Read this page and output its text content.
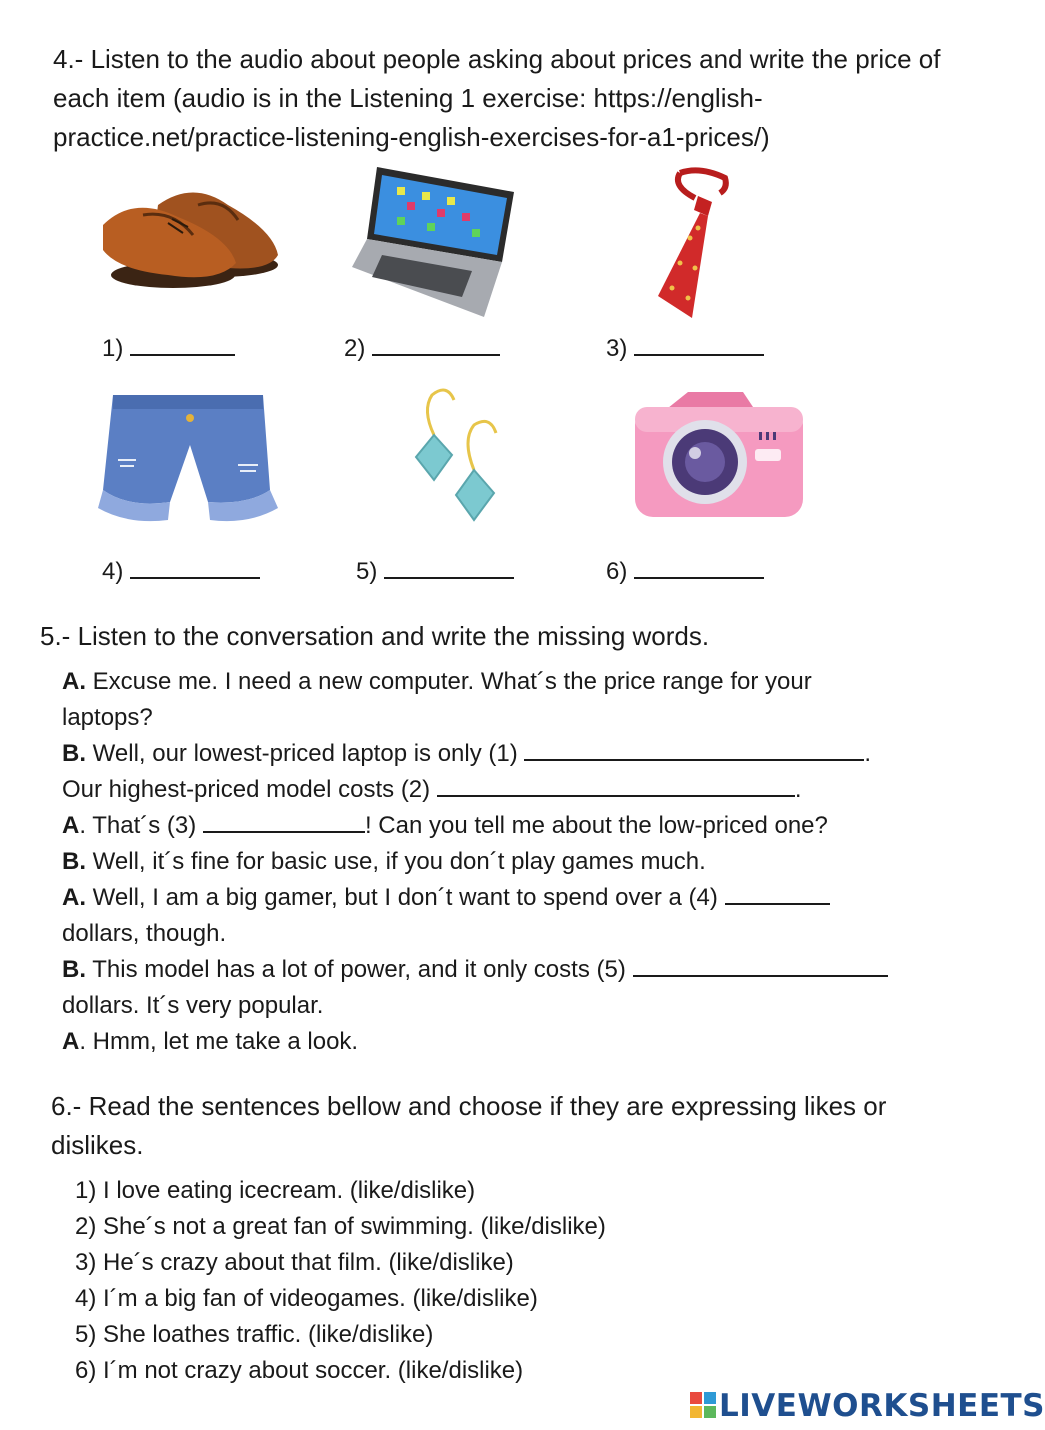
4.- Listen to the audio about people asking about prices and write the price of each item (audio is in the Listening 1 exercise: https://english-practice.net/practice-listening-english-exercises-for-a1-prices/)
1)	2)	3)
4)	5)	6)
5.- Listen to the conversation and write the missing words.
A. Excuse me. I need a new computer. What´s the price range for your
laptops?
B. Well, our lowest-priced laptop is only (1)	.
Our highest-priced model costs (2)	.
A. That´s (3)	! Can you tell me about the low-priced one?
B. Well, it´s fine for basic use, if you don´t play games much.
A. Well, I am a big gamer, but I don´t want to spend over a (4)
dollars, though.
B. This model has a lot of power, and it only costs (5)
dollars. It´s very popular.
A. Hmm, let me take a look.
6.- Read the sentences bellow and choose if they are expressing likes or dislikes.
1) I love eating icecream. (like/dislike)
2) She´s not a great fan of swimming. (like/dislike)
3) He´s crazy about that film. (like/dislike)
4) I´m a big fan of videogames. (like/dislike)
5) She loathes traffic. (like/dislike)
6) I´m not crazy about soccer. (like/dislike)
LIVEWORKSHEETS
